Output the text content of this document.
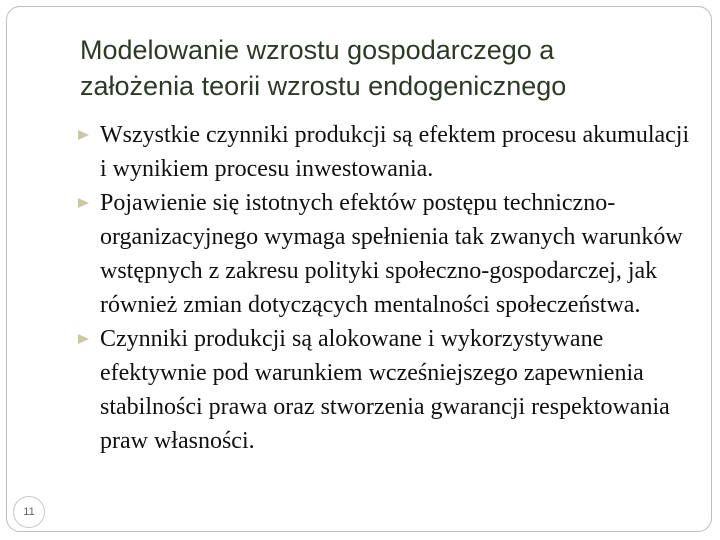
Modelowanie wzrostu gospodarczego a
założenia teorii wzrostu endogenicznego
Wszystkie czynniki produkcji są efektem procesu akumulacji i wynikiem procesu inwestowania.
Pojawienie się istotnych efektów postępu techniczno-organizacyjnego wymaga spełnienia tak zwanych warunków wstępnych z zakresu polityki społeczno-gospodarczej, jak również zmian dotyczących mentalności społeczeństwa.
Czynniki produkcji są alokowane i wykorzystywane efektywnie pod warunkiem wcześniejszego zapewnienia stabilności prawa oraz stworzenia gwarancji respektowania praw własności.
11
